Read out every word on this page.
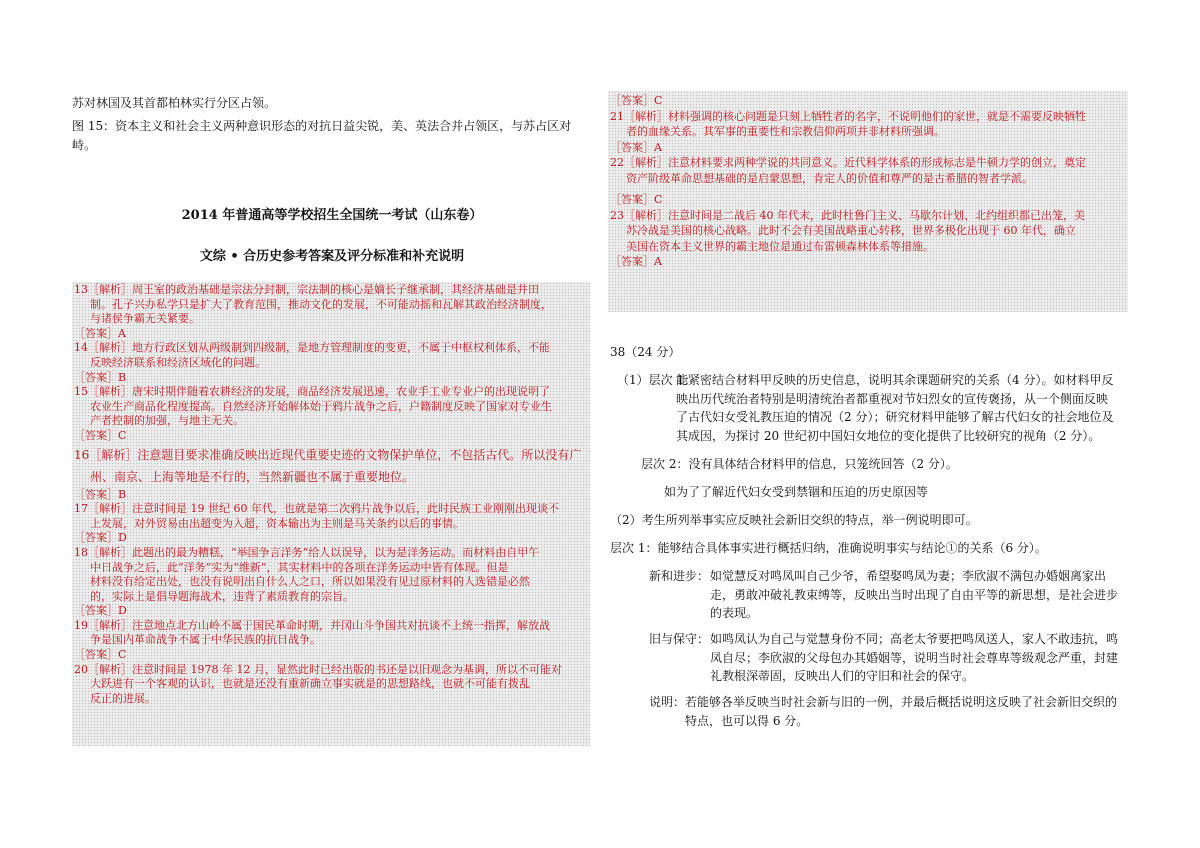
苏对林国及其首都柏林实行分区占领。

图 15：资本主义和社会主义两种意识形态的对抗日益尖锐，美、英法合并占领区，与苏占区对

峙。

2014 年普通高等学校招生全国统一考试（山东卷）
文综 • 合历史参考答案及评分标准和补充说明
13［解析］周王室的政治基础是宗法分封制，宗法制的核心是嫡长子继承制，其经济基础是井田
制。孔子兴办私学只是扩大了教育范围，推动文化的发展，不可能动摇和瓦解其政治经济制度，
与诸侯争霸无关紧要。
［答案］A
14［解析］地方行政区划从两级制到四级制，是地方管理制度的变更，不属于中枢权利体系，不能
反映经济联系和经济区域化的问题。
［答案］B
15［解析］唐宋时期伴随着农耕经济的发展，商品经济发展迅速，农业手工业专业户的出现说明了
农业生产商品化程度提高。自然经济开始解体始于鸦片战争之后，户籍制度反映了国家对专业生
产者控制的加强，与地主无关。
［答案］C
16［解析］注意题目要求准确反映出近现代重要史迹的文物保护单位，不包括古代。所以没有广
州、南京、上海等地是不行的，当然新疆也不属于重要地位。
［答案］B
17［解析］注意时间是 19 世纪 60 年代，也就是第二次鸦片战争以后，此时民族工业刚刚出现谈不
上发展，对外贸易由出超变为入超，资本输出为主则是马关条约以后的事情。
［答案］D
18［解析］此题出的最为糟糕，“举国争言洋务”给人以误导，以为是洋务运动。而材料由自甲午
中日战争之后，此“洋务”实为“维新”，其实材料中的各项在洋务运动中皆有体现。但是
材料没有给定出处，也没有说明出自什么人之口，所以如果没有见过原材料的人选错是必然
的，实际上是倡导题海战术，违背了素质教育的宗旨。
［答案］D
19［解析］注意地点北方山岭不属于国民革命时期，并冈山斗争国共对抗谈不上统一指挥，解放战
争是国内革命战争不属于中华民族的抗日战争。
［答案］C
20［解析］注意时间是 1978 年 12 月，显然此时已经出版的书还是以旧观念为基调，所以不可能对
大跃进有一个客观的认识，也就是还没有重新确立事实就是的思想路线，也就不可能有拨乱
反正的进展。
［答案］C
21［解析］材料强调的核心问题是只刻上牺牲者的名字，不说明他们的家世，就是不需要反映牺牲
者的血缘关系。其军事的重要性和宗教信仰两项并非材料所强调。
［答案］A
22［解析］注意材料要求两种学说的共同意义。近代科学体系的形成标志是牛顿力学的创立，奠定
资产阶级革命思想基础的是启蒙思想，肯定人的价值和尊严的是古希腊的智者学派。
［答案］C
23［解析］注意时间是二战后 40 年代末，此时杜鲁门主义、马歇尔计划、北约组织都已出笼，美
苏冷战是美国的核心战略。此时不会有美国战略重心转移，世界多极化出现于 60 年代，确立
美国在资本主义世界的霸主地位是通过布雷顿森林体系等措施。
［答案］A
38（24 分）
（1）层次 1：
能紧密结合材料甲反映的历史信息，说明其余课题研究的关系（4 分）。如材料甲反
映出历代统治者特别是明清统治者都重视对节妇烈女的宣传褒扬，从一个侧面反映
了古代妇女受礼教压迫的情况（2 分）；研究材料甲能够了解古代妇女的社会地位及
其成因，为探讨 20 世纪初中国妇女地位的变化提供了比较研究的视角（2 分）。
层次 2：没有具体结合材料甲的信息，只笼统回答（2 分）。
如为了了解近代妇女受到禁锢和压迫的历史原因等
（2）考生所列举事实应反映社会新旧交织的特点，举一例说明即可。
层次 1：能够结合具体事实进行概括归纳，准确说明事实与结论①的关系（6 分）。
新和进步： 如觉慧反对鸣凤叫自己少爷，希望娶鸣凤为妻；李欣淑不满包办婚姻离家出
走，勇敢冲破礼教束缚等，反映出当时出现了自由平等的新思想，是社会进步
的表现。
旧与保守： 如鸣凤认为自己与觉慧身份不同；高老太爷要把鸣凤送人，家人不敢违抗，鸣
凤自尽；李欣淑的父母包办其婚姻等，说明当时社会尊卑等级观念严重，封建
礼教根深蒂固，反映出人们的守旧和社会的保守。
说明： 若能够各举反映当时社会新与旧的一例，并最后概括说明这反映了社会新旧交织的
特点，也可以得 6 分。
